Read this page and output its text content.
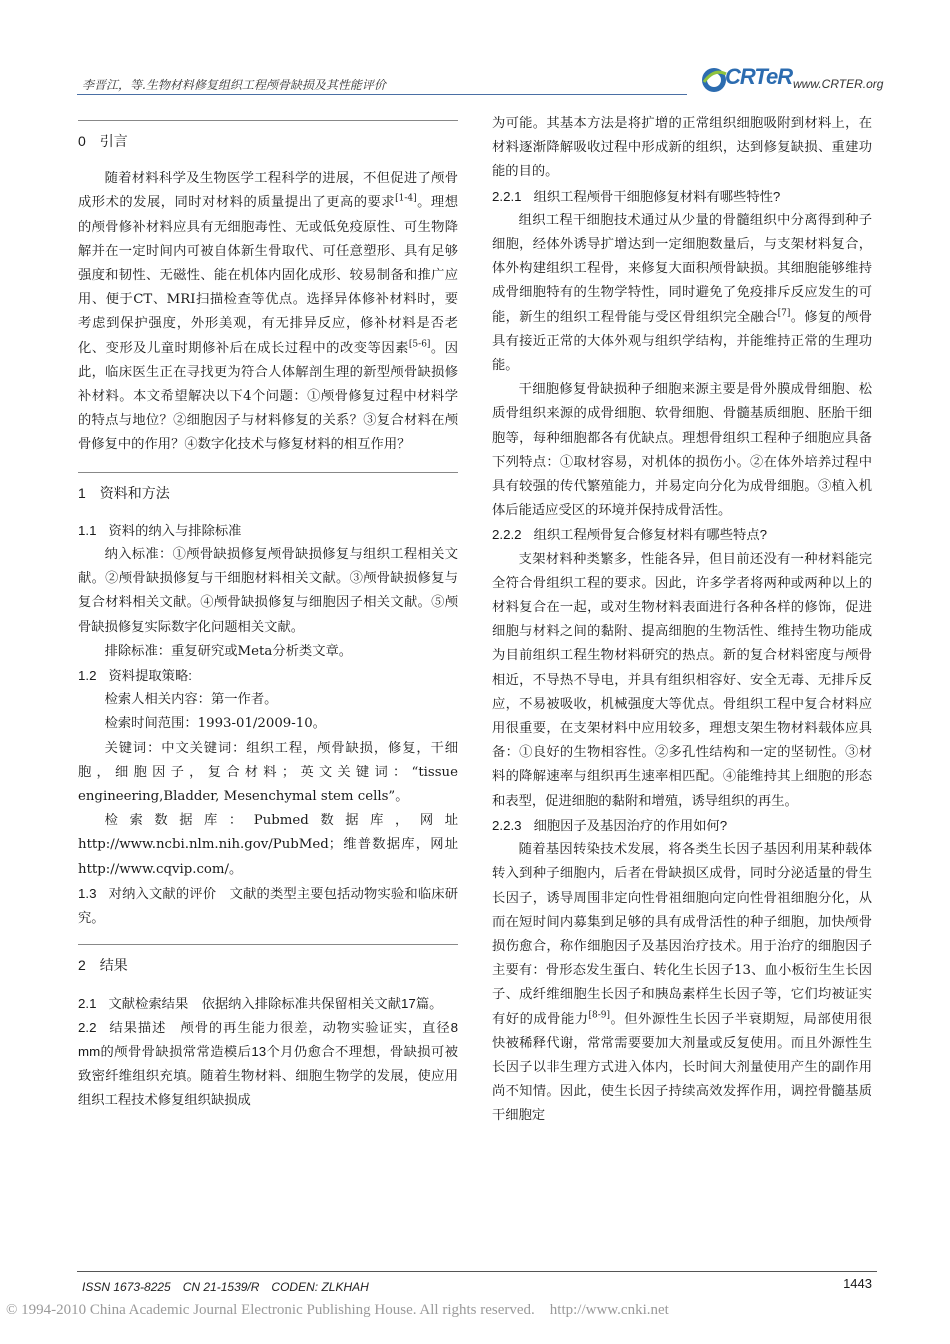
李晋江，等.生物材料修复组织工程颅骨缺损及其性能评价	CRTeR www.CRTER.org
0 引言

随着材料科学及生物医学工程科学的进展，不但促进了颅骨成形术的发展，同时对材料的质量提出了更高的要求[1-4]。理想的颅骨修补材料应具有无细胞毒性、无或低免疫原性、可生物降解并在一定时间内可被自体新生骨取代、可任意塑形、具有足够强度和韧性、无磁性、能在机体内固化成形、较易制备和推广应用、便于CT、MRI扫描检查等优点。选择异体修补材料时，要考虑到保护强度，外形美观，有无排异反应，修补材料是否老化、变形及儿童时期修补后在成长过程中的改变等因素[5-6]。因此，临床医生正在寻找更为符合人体解剖生理的新型颅骨缺损修补材料。本文希望解决以下4个问题：①颅骨修复过程中材料学的特点与地位？②细胞因子与材料修复的关系？③复合材料在颅骨修复中的作用？④数字化技术与修复材料的相互作用？

1 资料和方法

1.1 资料的纳入与排除标准

纳入标准：①颅骨缺损修复颅骨缺损修复与组织工程相关文献。②颅骨缺损修复与干细胞材料相关文献。③颅骨缺损修复与复合材料相关文献。④颅骨缺损修复与细胞因子相关文献。⑤颅骨缺损修复实际数字化问题相关文献。

排除标准：重复研究或Meta分析类文章。

1.2 资料提取策略:

检索人相关内容：第一作者。

检索时间范围：1993-01/2009-10。

关键词：中文关键词：组织工程，颅骨缺损，修复，干细胞，细胞因子，复合材料；英文关键词：“tissue engineering,Bladder, Mesenchymal stem cells”。

检索数据库：Pubmed数据库，网址http://www.ncbi.nlm.nih.gov/PubMed；维普数据库，网址http://www.cqvip.com/。

1.3 对纳入文献的评价　文献的类型主要包括动物实验和临床研究。

2 结果

2.1 文献检索结果　依据纳入排除标准共保留相关文献17篇。

2.2 结果描述　颅骨的再生能力很差，动物实验证实，直径8 mm的颅骨骨缺损常常造模后13个月仍愈合不理想，骨缺损可被致密纤维组织充填。随着生物材料、细胞生物学的发展，使应用组织工程技术修复组织缺损成

为可能。其基本方法是将扩增的正常组织细胞吸附到材料上，在材料逐渐降解吸收过程中形成新的组织，达到修复缺损、重建功能的目的。

2.2.1 组织工程颅骨干细胞修复材料有哪些特性?

组织工程干细胞技术通过从少量的骨髓组织中分离得到种子细胞，经体外诱导扩增达到一定细胞数量后，与支架材料复合，体外构建组织工程骨，来修复大面积颅骨缺损。其细胞能够维持成骨细胞特有的生物学特性，同时避免了免疫排斥反应发生的可能，新生的组织工程骨能与受区骨组织完全融合[7]。修复的颅骨具有接近正常的大体外观与组织学结构，并能维持正常的生理功能。

干细胞修复骨缺损种子细胞来源主要是骨外膜成骨细胞、松质骨组织来源的成骨细胞、软骨细胞、骨髓基质细胞、胚胎干细胞等，每种细胞都各有优缺点。理想骨组织工程种子细胞应具备下列特点：①取材容易，对机体的损伤小。②在体外培养过程中具有较强的传代繁殖能力，并易定向分化为成骨细胞。③植入机体后能适应受区的环境并保持成骨活性。

2.2.2 组织工程颅骨复合修复材料有哪些特点?

支架材料种类繁多，性能各异，但目前还没有一种材料能完全符合骨组织工程的要求。因此，许多学者将两种或两种以上的材料复合在一起，或对生物材料表面进行各种各样的修饰，促进细胞与材料之间的黏附、提高细胞的生物活性、维持生物功能成为目前组织工程生物材料研究的热点。新的复合材料密度与颅骨相近，不导热不导电，并具有组织相容好、安全无毒、无排斥反应，不易被吸收，机械强度大等优点。骨组织工程中复合材料应用很重要，在支架材料中应用较多，理想支架生物材料载体应具备：①良好的生物相容性。②多孔性结构和一定的坚韧性。③材料的降解速率与组织再生速率相匹配。④能维持其上细胞的形态和表型，促进细胞的黏附和增殖，诱导组织的再生。

2.2.3 细胞因子及基因治疗的作用如何?

随着基因转染技术发展，将各类生长因子基因利用某种载体转入到种子细胞内，后者在骨缺损区成骨，同时分泌适量的骨生长因子，诱导周围非定向性骨祖细胞向定向性骨祖细胞分化，从而在短时间内募集到足够的具有成骨活性的种子细胞，加快颅骨损伤愈合，称作细胞因子及基因治疗技术。用于治疗的细胞因子主要有：骨形态发生蛋白、转化生长因子13、血小板衍生生长因子、成纤维细胞生长因子和胰岛素样生长因子等，它们均被证实有好的成骨能力[8-9]。但外源性生长因子半衰期短，局部使用很快被稀释代谢，常常需要要加大剂量或反复使用。而且外源性生长因子以非生理方式进入体内，长时间大剂量使用产生的副作用尚不知情。因此，使生长因子持续高效发挥作用，调控骨髓基质干细胞定

ISSN 1673-8225　CN 21-1539/R　CODEN: ZLKHAH	1443
© 1994-2010 China Academic Journal Electronic Publishing House. All rights reserved.　http://www.cnki.net
